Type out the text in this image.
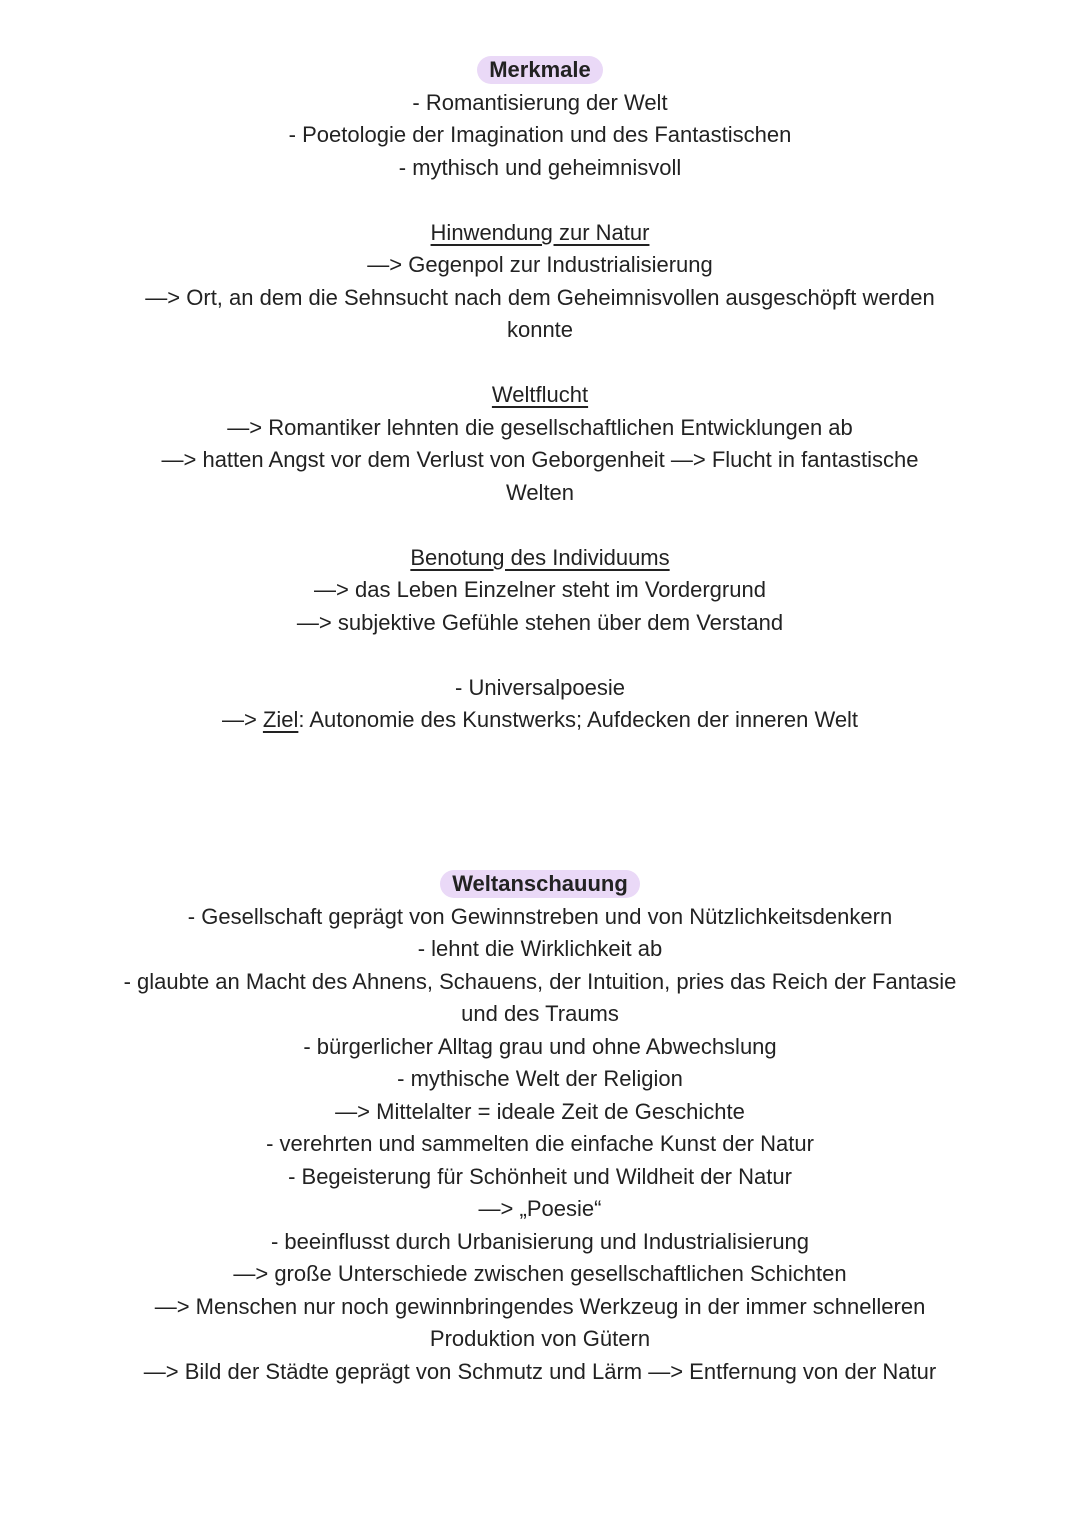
Merkmale
- Romantisierung der Welt
- Poetologie der Imagination und des Fantastischen
- mythisch und geheimnisvoll
Hinwendung zur Natur
—> Gegenpol zur Industrialisierung
—> Ort, an dem die Sehnsucht nach dem Geheimnisvollen ausgeschöpft werden
konnte
Weltflucht
—> Romantiker lehnten die gesellschaftlichen Entwicklungen ab
—> hatten Angst vor dem Verlust von Geborgenheit —> Flucht in fantastische
Welten
Benotung des Individuums
—> das Leben Einzelner steht im Vordergrund
—> subjektive Gefühle stehen über dem Verstand
- Universalpoesie
—> Ziel: Autonomie des Kunstwerks; Aufdecken der inneren Welt
Weltanschauung
- Gesellschaft geprägt von Gewinnstreben und von Nützlichkeitsdenkern
- lehnt die Wirklichkeit ab
- glaubte an Macht des Ahnens, Schauens, der Intuition, pries das Reich der Fantasie
und des Traums
- bürgerlicher Alltag grau und ohne Abwechslung
- mythische Welt der Religion
—> Mittelalter = ideale Zeit de Geschichte
- verehrten und sammelten die einfache Kunst der Natur
- Begeisterung für Schönheit und Wildheit der Natur
—> „Poesie“
- beeinflusst durch Urbanisierung und Industrialisierung
—> große Unterschiede zwischen gesellschaftlichen Schichten
—> Menschen nur noch gewinnbringendes Werkzeug in der immer schnelleren
Produktion von Gütern
—> Bild der Städte geprägt von Schmutz und Lärm —> Entfernung von der Natur
